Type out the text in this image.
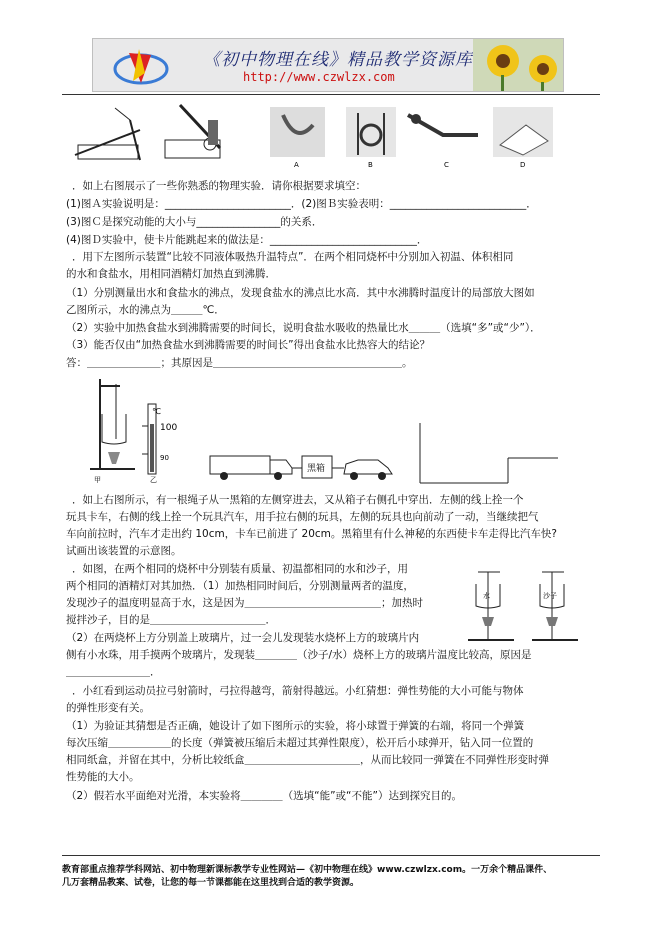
《初中物理在线》精品教学资源库
http://www.czwlzx.com
A	B	C	D
．如上右图展示了一些你熟悉的物理实验．请你根据要求填空：
(1)图Ａ实验说明是：________________________．(2)图Ｂ实验表明：__________________________．
(3)图Ｃ是探究动能的大小与________________的关系．
(4)图Ｄ实验中，使卡片能跳起来的做法是：____________________________．
．用下左图所示装置“比较不同液体吸热升温特点”．在两个相同烧杯中分别加入初温、体积相同
的水和食盐水，用相同酒精灯加热直到沸腾．
（1）分别测量出水和食盐水的沸点，发现食盐水的沸点比水高．其中水沸腾时温度计的局部放大图如
乙图所示，水的沸点为＿＿＿℃．
（2）实验中加热食盐水到沸腾需要的时间长，说明食盐水吸收的热量比水＿＿＿（选填“多”或“少”）．
（3）能否仅由“加热食盐水到沸腾需要的时间长”得出食盐水比热容大的结论？
答：＿＿＿＿＿＿＿；其原因是＿＿＿＿＿＿＿＿＿＿＿＿＿＿＿＿＿＿。
℃
100
90
甲	乙
黑箱
．如上右图所示，有一根绳子从一黑箱的左侧穿进去，又从箱子右侧孔中穿出．左侧的线上拴一个
玩具卡车，右侧的线上拴一个玩具汽车，用手拉右侧的玩具，左侧的玩具也向前动了一动，当继续把气
车向前拉时，汽车才走出约 10cm，卡车已前进了 20cm。黑箱里有什么神秘的东西使卡车走得比汽车快?
试画出该装置的示意图。
．如图，在两个相同的烧杯中分别装有质量、初温都相同的水和沙子，用
两个相同的酒精灯对其加热．（1）加热相同时间后，分别测量两者的温度，
发现沙子的温度明显高于水，这是因为＿＿＿＿＿＿＿＿＿＿＿＿＿；加热时
搅拌沙子，目的是＿＿＿＿＿＿＿＿＿＿＿．
（2）在两烧杯上方分别盖上玻璃片，过一会儿发现装水烧杯上方的玻璃片内
侧有小水珠，用手摸两个玻璃片，发现装＿＿＿＿（沙子/水）烧杯上方的玻璃片温度比较高，原因是
＿＿＿＿＿＿＿＿．
水	沙子
．小红看到运动员拉弓射箭时，弓拉得越弯，箭射得越远。小红猜想：弹性势能的大小可能与物体
的弹性形变有关。
（1）为验证其猜想是否正确，她设计了如下图所示的实验，将小球置于弹簧的右端，将同一个弹簧
每次压缩＿＿＿＿＿＿的长度（弹簧被压缩后未超过其弹性限度），松开后小球弹开，钻入同一位置的
相同纸盒，并留在其中，分析比较纸盒＿＿＿＿＿＿＿＿＿＿＿，从而比较同一弹簧在不同弹性形变时弹
性势能的大小。
（2）假若水平面绝对光滑，本实验将＿＿＿＿（选填“能”或“不能”）达到探究目的。
教育部重点推荐学科网站、初中物理新课标教学专业性网站—《初中物理在线》www.czwlzx.com。一万余个精品课件、
几万套精品教案、试卷，让您的每一节课都能在这里找到合适的教学资源。
